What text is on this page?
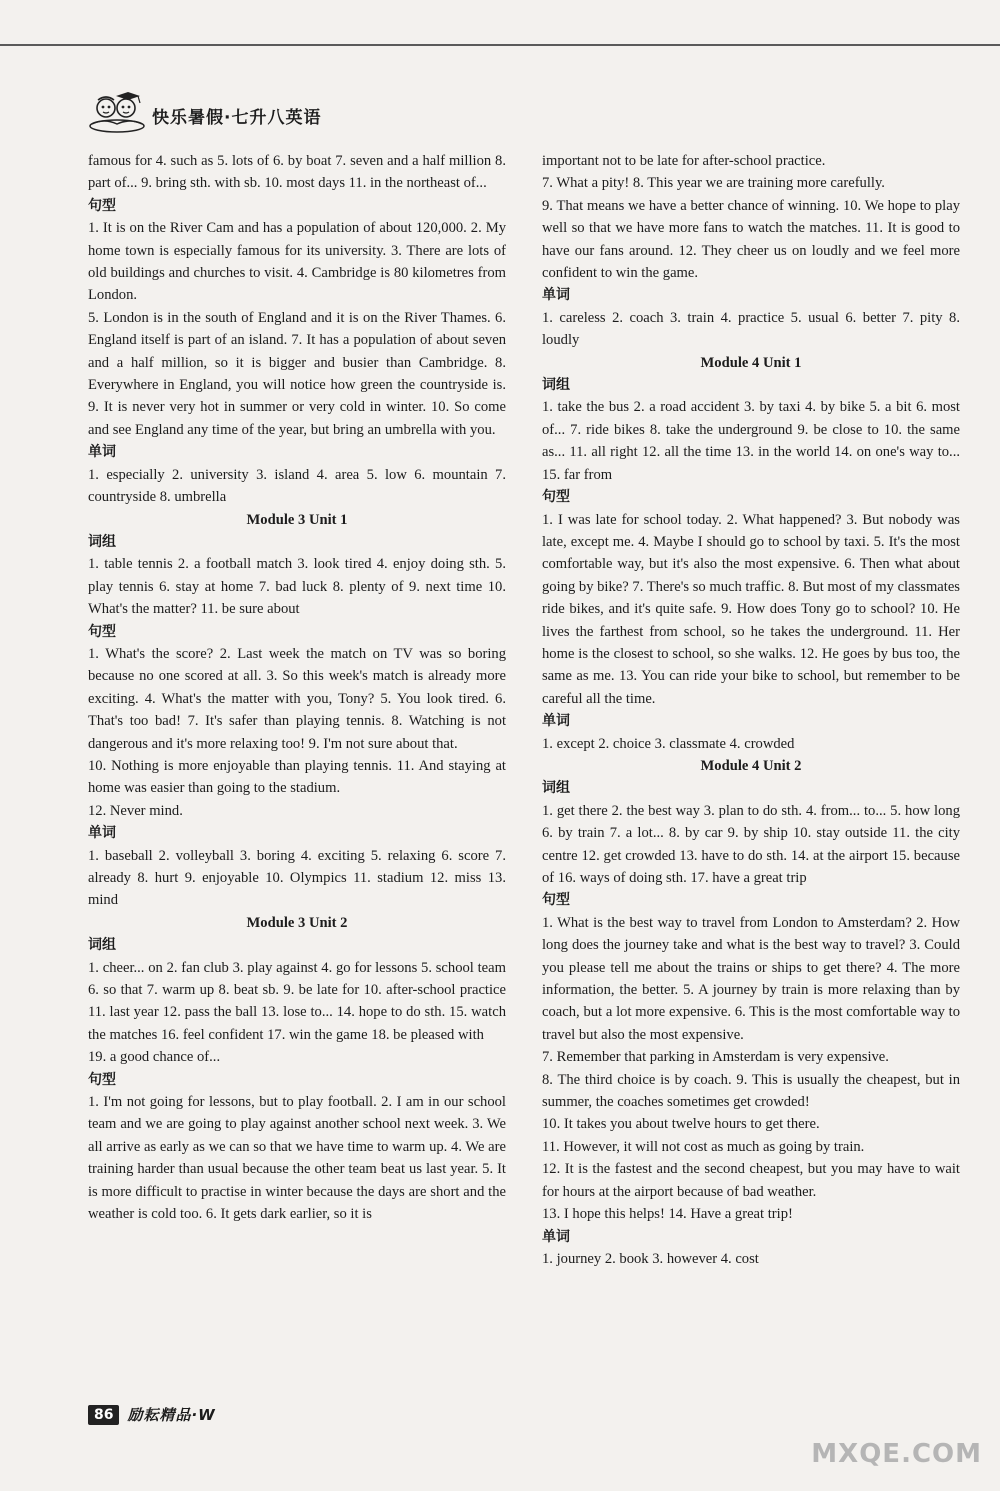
快乐暑假·七升八英语

famous for 4. such as 5. lots of 6. by boat 7. seven and a half million 8. part of... 9. bring sth. with sb. 10. most days 11. in the northeast of...

句型

1. It is on the River Cam and has a population of about 120,000. 2. My home town is especially famous for its university. 3. There are lots of old buildings and churches to visit. 4. Cambridge is 80 kilometres from London.

5. London is in the south of England and it is on the River Thames. 6. England itself is part of an island. 7. It has a population of about seven and a half million, so it is bigger and busier than Cambridge. 8. Everywhere in England, you will notice how green the countryside is. 9. It is never very hot in summer or very cold in winter. 10. So come and see England any time of the year, but bring an umbrella with you.

单词

1. especially 2. university 3. island 4. area 5. low 6. mountain 7. countryside 8. umbrella

Module 3 Unit 1

词组

1. table tennis 2. a football match 3. look tired 4. enjoy doing sth. 5. play tennis 6. stay at home 7. bad luck 8. plenty of 9. next time 10. What's the matter? 11. be sure about

句型

1. What's the score? 2. Last week the match on TV was so boring because no one scored at all. 3. So this week's match is already more exciting. 4. What's the matter with you, Tony? 5. You look tired. 6. That's too bad! 7. It's safer than playing tennis. 8. Watching is not dangerous and it's more relaxing too! 9. I'm not sure about that.

10. Nothing is more enjoyable than playing tennis. 11. And staying at home was easier than going to the stadium.

12. Never mind.

单词

1. baseball 2. volleyball 3. boring 4. exciting 5. relaxing 6. score 7. already 8. hurt 9. enjoyable 10. Olympics 11. stadium 12. miss 13. mind

Module 3 Unit 2

词组

1. cheer... on 2. fan club 3. play against 4. go for lessons 5. school team 6. so that 7. warm up 8. beat sb. 9. be late for 10. after-school practice 11. last year 12. pass the ball 13. lose to... 14. hope to do sth. 15. watch the matches 16. feel confident 17. win the game 18. be pleased with

19. a good chance of...

句型

1. I'm not going for lessons, but to play football. 2. I am in our school team and we are going to play against another school next week. 3. We all arrive as early as we can so that we have time to warm up. 4. We are training harder than usual because the other team beat us last year. 5. It is more difficult to practise in winter because the days are short and the weather is cold too. 6. It gets dark earlier, so it is

important not to be late for after-school practice.

7. What a pity! 8. This year we are training more carefully.

9. That means we have a better chance of winning. 10. We hope to play well so that we have more fans to watch the matches. 11. It is good to have our fans around. 12. They cheer us on loudly and we feel more confident to win the game.

单词

1. careless 2. coach 3. train 4. practice 5. usual 6. better 7. pity 8. loudly

Module 4 Unit 1

词组

1. take the bus 2. a road accident 3. by taxi 4. by bike 5. a bit 6. most of... 7. ride bikes 8. take the underground 9. be close to 10. the same as... 11. all right 12. all the time 13. in the world 14. on one's way to... 15. far from

句型

1. I was late for school today. 2. What happened? 3. But nobody was late, except me. 4. Maybe I should go to school by taxi. 5. It's the most comfortable way, but it's also the most expensive. 6. Then what about going by bike? 7. There's so much traffic. 8. But most of my classmates ride bikes, and it's quite safe. 9. How does Tony go to school? 10. He lives the farthest from school, so he takes the underground. 11. Her home is the closest to school, so she walks. 12. He goes by bus too, the same as me. 13. You can ride your bike to school, but remember to be careful all the time.

单词

1. except 2. choice 3. classmate 4. crowded

Module 4 Unit 2

词组

1. get there 2. the best way 3. plan to do sth. 4. from... to... 5. how long 6. by train 7. a lot... 8. by car 9. by ship 10. stay outside 11. the city centre 12. get crowded 13. have to do sth. 14. at the airport 15. because of 16. ways of doing sth. 17. have a great trip

句型

1. What is the best way to travel from London to Amsterdam? 2. How long does the journey take and what is the best way to travel? 3. Could you please tell me about the trains or ships to get there? 4. The more information, the better. 5. A journey by train is more relaxing than by coach, but a lot more expensive. 6. This is the most comfortable way to travel but also the most expensive.

7. Remember that parking in Amsterdam is very expensive.

8. The third choice is by coach. 9. This is usually the cheapest, but in summer, the coaches sometimes get crowded!

10. It takes you about twelve hours to get there.

11. However, it will not cost as much as going by train.

12. It is the fastest and the second cheapest, but you may have to wait for hours at the airport because of bad weather.

13. I hope this helps! 14. Have a great trip!

单词

1. journey 2. book 3. however 4. cost

86 励耘精品·W
MXQE.COM
